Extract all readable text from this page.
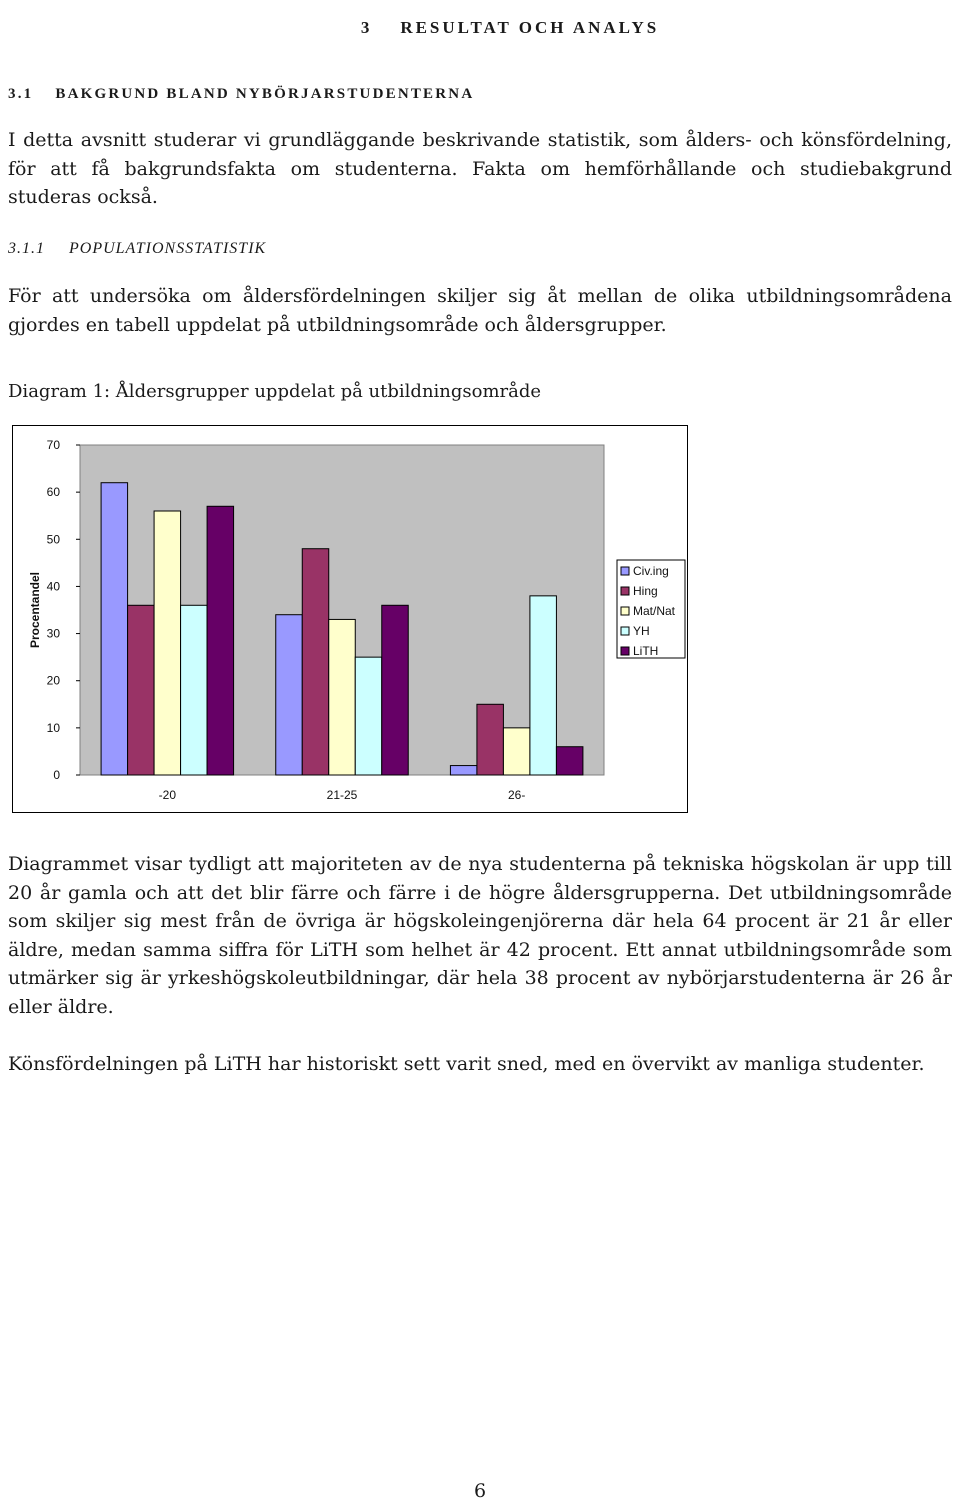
3 RESULTAT OCH ANALYS
3.1 BAKGRUND BLAND NYBÖRJARSTUDENTERNA

I detta avsnitt studerar vi grundläggande beskrivande statistik, som ålders- och könsfördelning, för att få bakgrundsfakta om studenterna. Fakta om hemförhållande och studiebakgrund studeras också.

3.1.1 POPULATIONSSTATISTIK

För att undersöka om åldersfördelningen skiljer sig åt mellan de olika utbildningsområdena gjordes en tabell uppdelat på utbildningsområde och åldersgrupper.

Diagram 1: Åldersgrupper uppdelat på utbildningsområde
0
10
20
30
40
50
60
70
-20	21-25	26-
Procentandel
Civ.ing
Hing
Mat/Nat
YH
LiTH

Diagrammet visar tydligt att majoriteten av de nya studenterna på tekniska högskolan är upp till 20 år gamla och att det blir färre och färre i de högre åldersgrupperna. Det utbildningsområde som skiljer sig mest från de övriga är högskoleingenjörerna där hela 64 procent är 21 år eller äldre, medan samma siffra för LiTH som helhet är 42 procent. Ett annat utbildningsområde som utmärker sig är yrkeshögskoleutbildningar, där hela 38 procent av nybörjarstudenterna är 26 år eller äldre.

Könsfördelningen på LiTH har historiskt sett varit sned, med en övervikt av manliga studenter.

6
